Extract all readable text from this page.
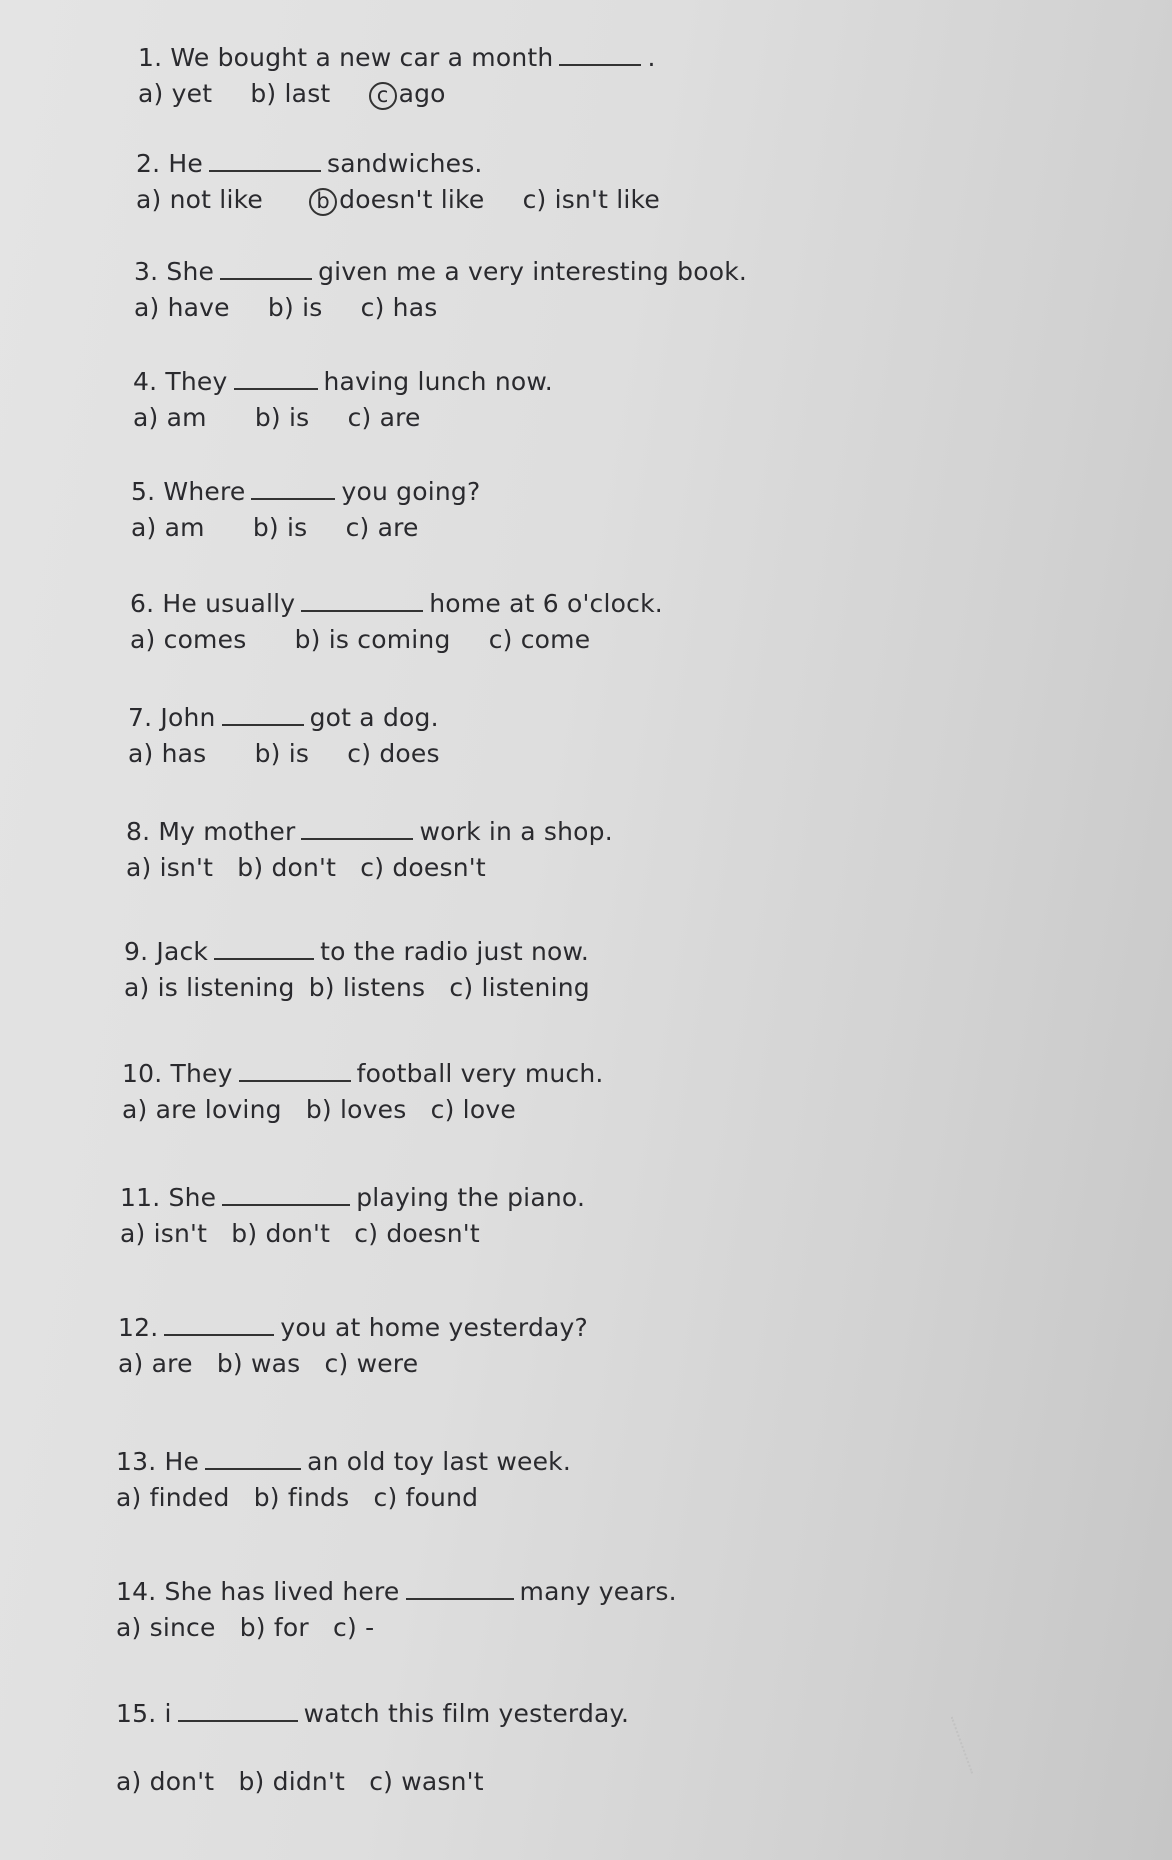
1. We bought a new car a month	.
a) yet b) last c ago
2. He	sandwiches.
a) not like	b doesn't like c) isn't like
3. She	given me a very interesting book.
a) have b) is c) has
4. They	having lunch now.
a) am b) is c) are
5. Where	you going?
a) am b) is c) are
6. He usually	home at 6 o'clock.
a) comes b) is coming c) come
7. John	got a dog.
a) has b) is c) does
8. My mother	work in a shop.
a) isn't b) don't c) doesn't
9. Jack	to the radio just now.
a) is listening b) listens c) listening
10. They	football very much.
a) are loving b) loves c) love
11. She	playing the piano.
a) isn't b) don't c) doesn't
12.	you at home yesterday?
a) are b) was c) were
13. He	an old toy last week.
a) finded b) finds c) found
14. She has lived here	many years.
a) since b) for c) -
15. i	watch this film yesterday.
a) don't b) didn't c) wasn't
